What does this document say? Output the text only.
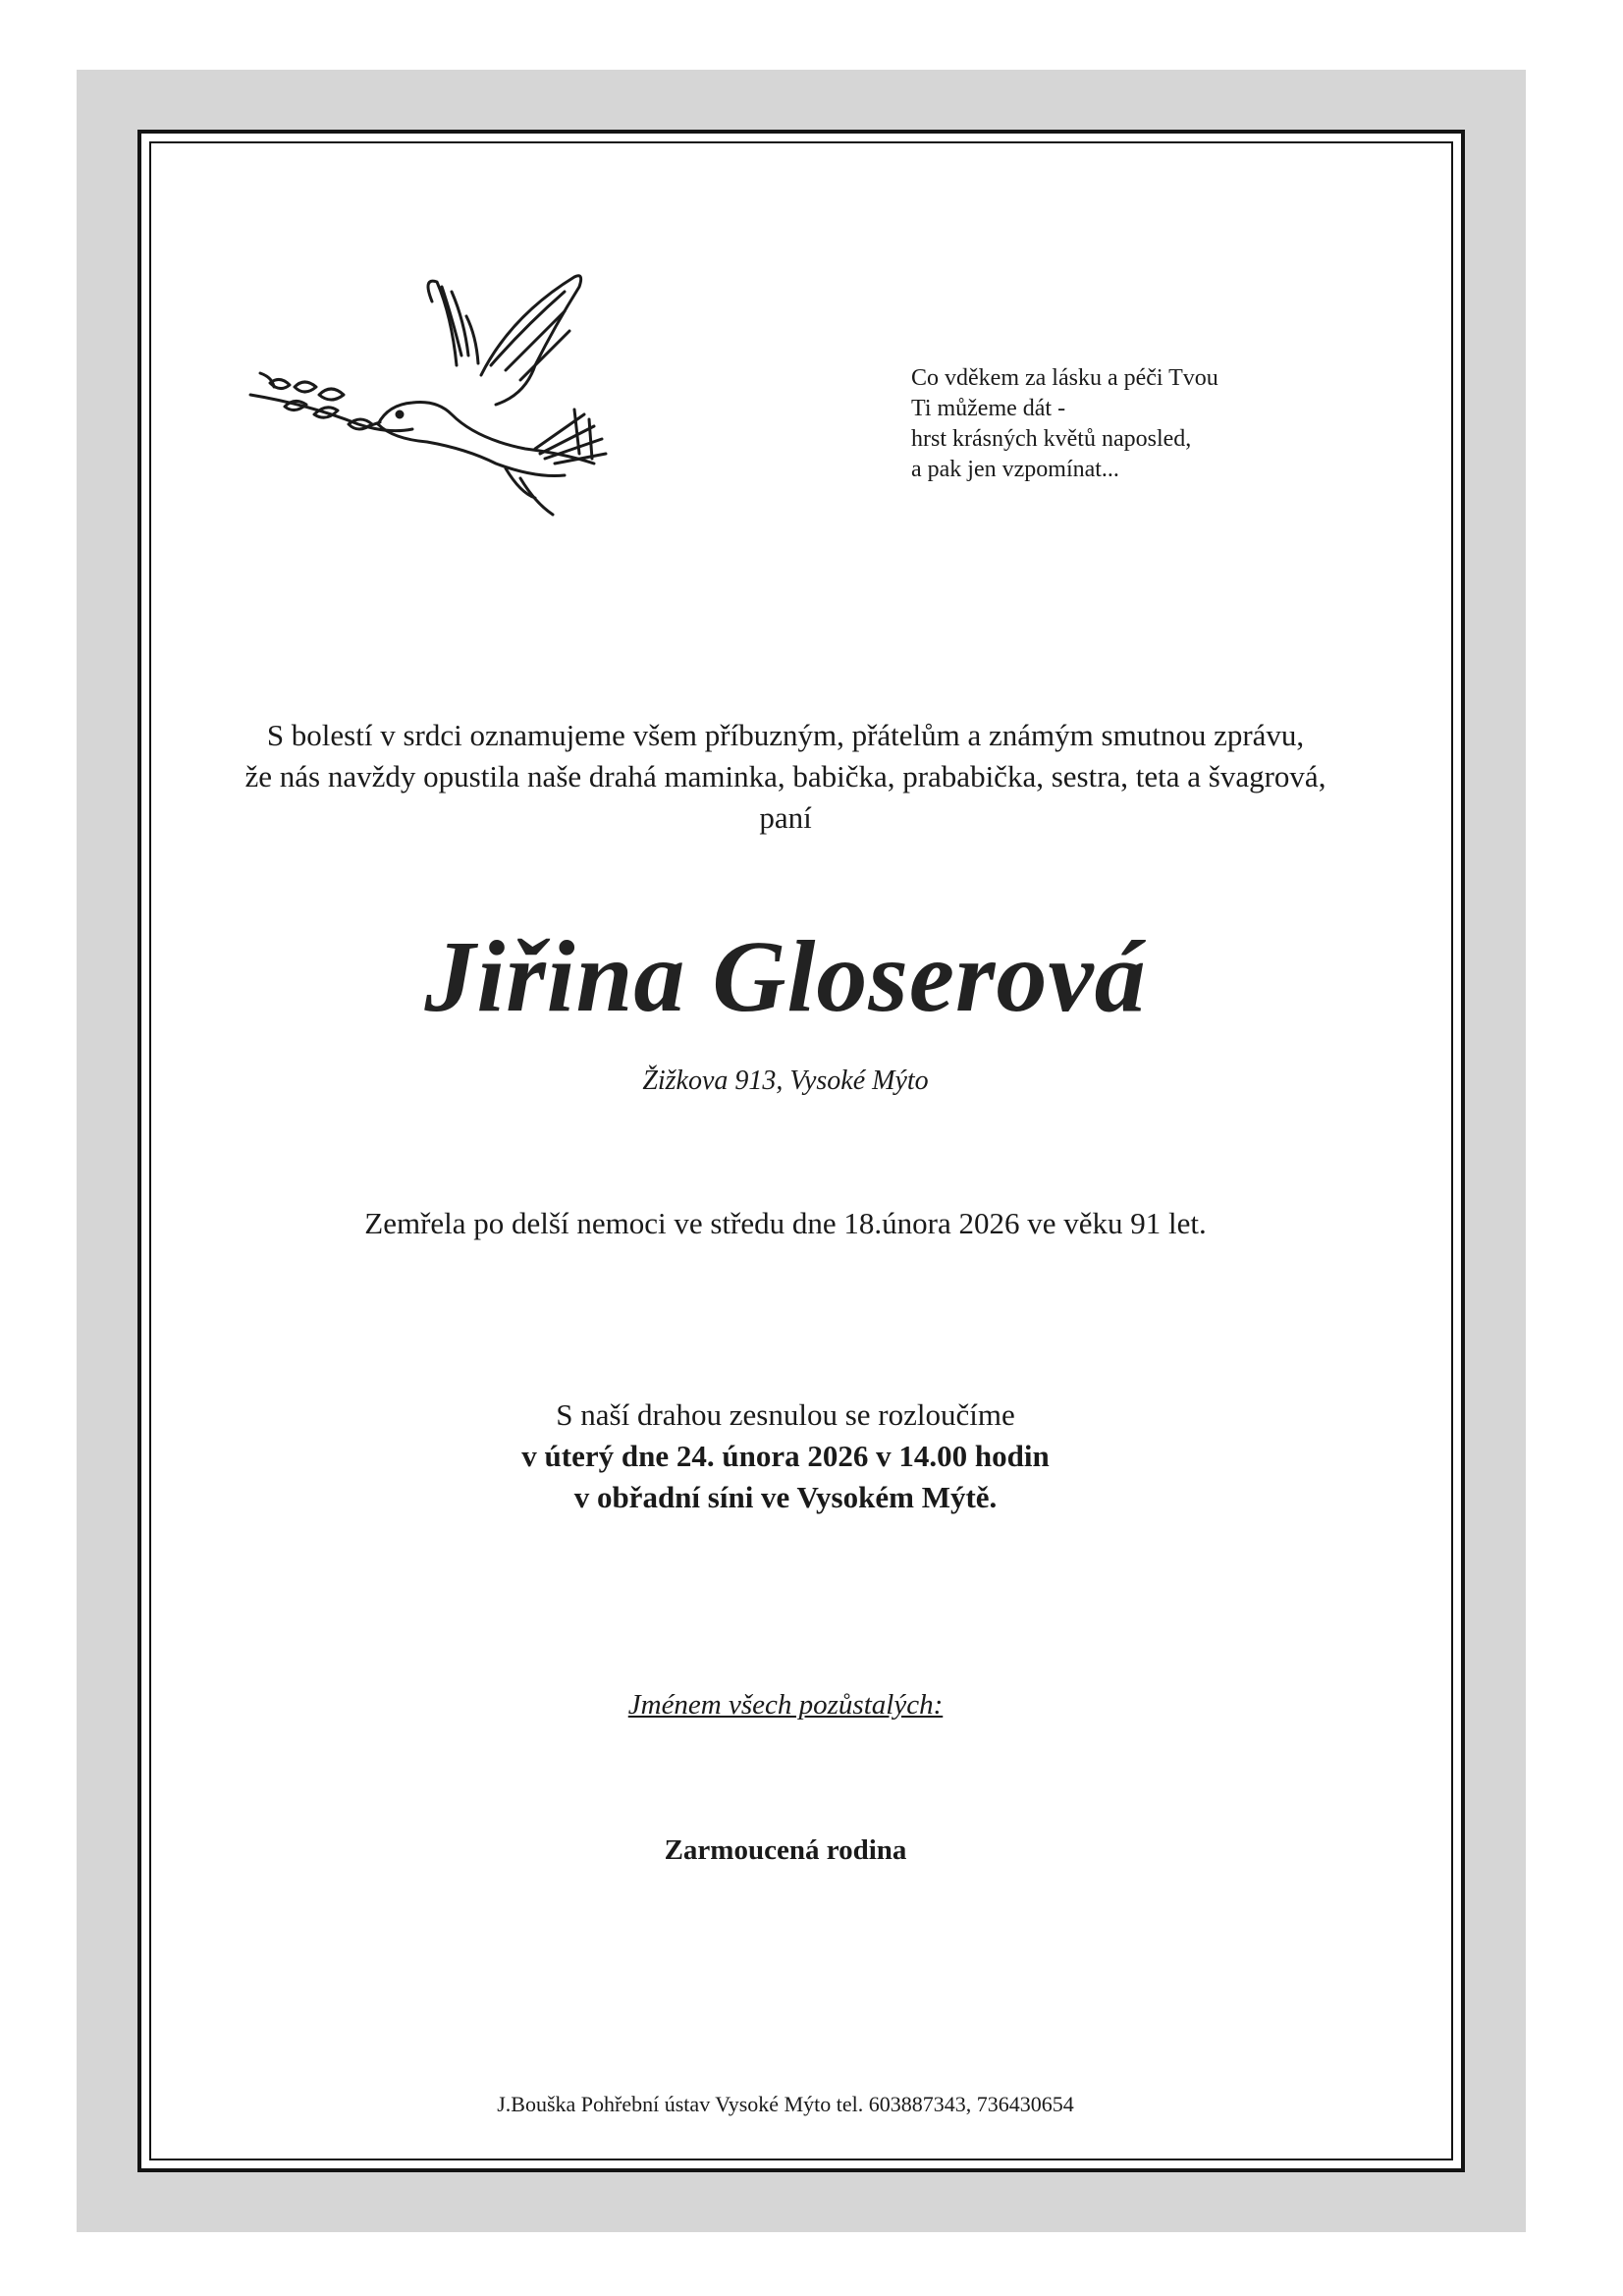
Co vděkem za lásku a péči Tvou
Ti můžeme dát -
hrst krásných květů naposled,
a pak jen vzpomínat...
S bolestí v srdci oznamujeme všem příbuzným, přátelům a známým smutnou zprávu,
že nás navždy opustila naše drahá maminka, babička, prababička, sestra, teta a švagrová,
paní
Jiřina Gloserová
Žižkova 913, Vysoké Mýto
Zemřela po delší nemoci ve středu dne 18.února 2026 ve věku 91 let.
S naší drahou zesnulou se rozloučíme
v úterý dne 24. února 2026 v 14.00 hodin
v obřadní síni ve Vysokém Mýtě.
Jménem všech pozůstalých:
Zarmoucená rodina
J.Bouška Pohřební ústav Vysoké Mýto tel. 603887343, 736430654
